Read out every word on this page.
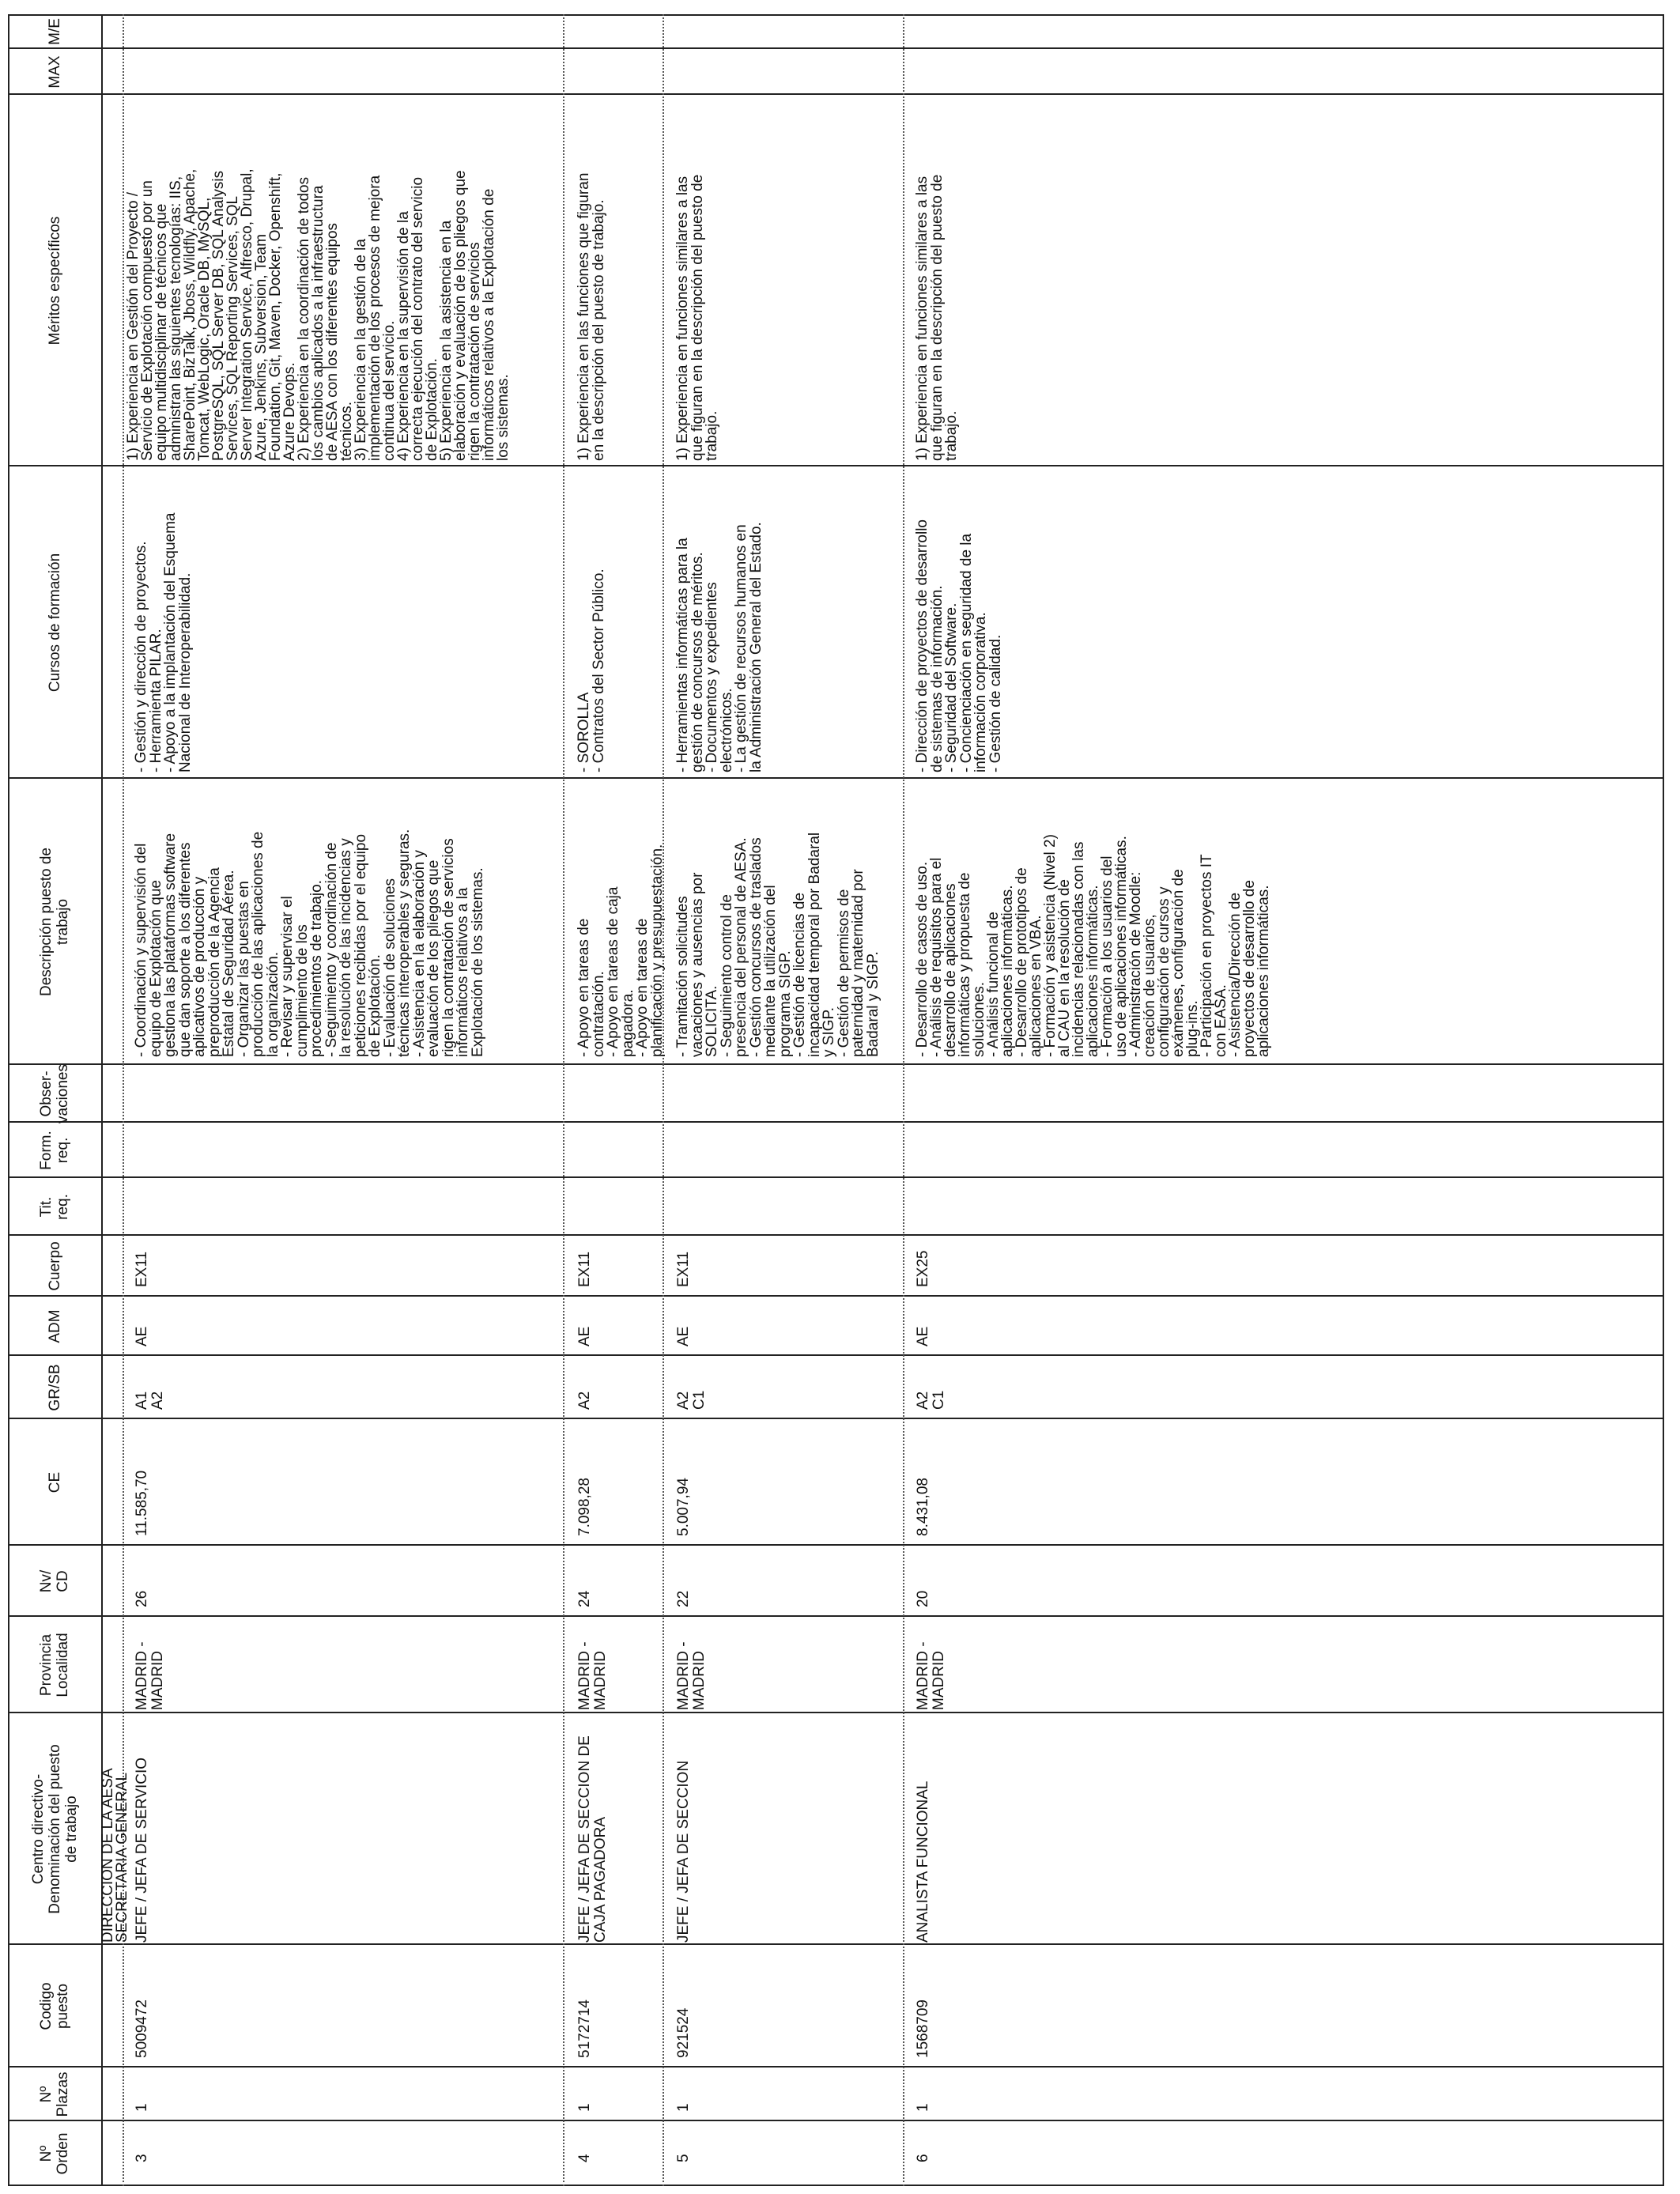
Nº
Orden
Nº
Plazas
Codigo
puesto
Centro directivo-
Denominación del puesto
de trabajo
Provincia
Localidad
Nv/
CD
CE
GR/SB
ADM
Cuerpo
Tit.
req.
Form.
req.
Obser-
vaciones
Descripción puesto de
trabajo
Cursos de formación
Méritos específicos
MAX
M/E
DIRECCION DE LA AESA
SECRETARIA GENERAL
3
1
5009472
JEFE / JEFA DE SERVICIO
MADRID -
MADRID
26
11.585,70
A1
A2
AE
EX11
- Coordinación y supervisión del
equipo de Explotación que
gestiona las plataformas software
que dan soporte a los diferentes
aplicativos de producción y
preproducción de la Agencia
Estatal de Seguridad Aérea.
- Organizar las puestas en
producción de las aplicaciones de
la organización.
- Revisar y supervisar el
cumplimiento de los
procedimientos de trabajo.
- Seguimiento y coordinación de
la resolución de las incidencias y
peticiones recibidas por el equipo
de Explotación.
- Evaluación de soluciones
técnicas interoperables y seguras.
- Asistencia en la elaboración y
evaluación de los pliegos que
rigen la contratación de servicios
informáticos relativos a la
Explotación de los sistemas.
- Gestión y dirección de proyectos.
- Herramienta PILAR.
- Apoyo a la implantación del Esquema
Nacional de Interoperabilidad.
1) Experiencia en Gestión del Proyecto /
Servicio de Explotación compuesto por un
equipo multidisciplinar de técnicos que
administran las siguientes tecnologías: IIS,
SharePoint, BizTalk, Jboss, Wildfly, Apache,
Tomcat, WebLogic, Oracle DB, MySQL,
PostgreSQL, SQL Server DB, SQL Analysis
Services, SQL Reporting Services, SQL
Server Integration Service, Alfresco, Drupal,
Azure, Jenkins, Subversion, Team
Foundation, Git, Maven, Docker, Openshift,
Azure Devops.
2) Experiencia en la coordinación de todos
los cambios aplicados a la infraestructura
de AESA con los diferentes equipos
técnicos.
3) Experiencia en la gestión de la
implementación de los procesos de mejora
continua del servicio.
4) Experiencia en la supervisión de la
correcta ejecución del contrato del servicio
de Explotación.
5) Experiencia en la asistencia en la
elaboración y evaluación de los pliegos que
rigen la contratación de servicios
informáticos relativos a la Explotación de
los sistemas.
4
1
5172714
JEFE / JEFA DE SECCION DE
CAJA PAGADORA
MADRID -
MADRID
24
7.098,28
A2
AE
EX11
- Apoyo en tareas de
contratación.
- Apoyo en tareas de caja
pagadora.
- Apoyo en tareas de
planificación y presupuestación.
- SOROLLA
- Contratos del Sector Público.
1) Experiencia en las funciones que figuran
en la descripción del puesto de trabajo.
5
1
921524
JEFE / JEFA DE SECCION
MADRID -
MADRID
22
5.007,94
A2
C1
AE
EX11
- Tramitación solicitudes
vacaciones y ausencias por
SOLICITA.
- Seguimiento control de
presencia del personal de AESA.
- Gestión concursos de traslados
mediante la utilización del
programa SIGP.
- Gestión de licencias de
incapacidad temporal por Badaral
y SIGP.
- Gestión de permisos de
paternidad y maternidad por
Badaral y SIGP.
- Herramientas informáticas para la
gestión de concursos de méritos.
- Documentos y expedientes
electrónicos.
- La gestión de recursos humanos en
la Administración General del Estado.
1) Experiencia en funciones similares a las
que figuran en la descripción del puesto de
trabajo.
6
1
1568709
ANALISTA FUNCIONAL
MADRID -
MADRID
20
8.431,08
A2
C1
AE
EX25
- Desarrollo de casos de uso.
- Análisis de requisitos para el
desarrollo de aplicaciones
informáticas y propuesta de
soluciones.
- Análisis funcional de
aplicaciones informáticas.
- Desarrollo de prototipos de
aplicaciones en VBA.
- Formación y asistencia (Nivel 2)
al CAU en la resolución de
incidencias relacionadas con las
aplicaciones informáticas.
- Formación a los usuarios del
uso de aplicaciones informáticas.
- Administración de Moodle:
creación de usuarios,
configuración de cursos y
exámenes, configuración de
plug-ins.
- Participación en proyectos IT
con EASA.
- Asistencia/Dirección de
proyectos de desarrollo de
aplicaciones informáticas.
- Dirección de proyectos de desarrollo
de sistemas de información.
- Seguridad del Software.
- Concienciación en seguridad de la
información corporativa.
- Gestión de calidad.
1) Experiencia en funciones similares a las
que figuran en la descripción del puesto de
trabajo.
